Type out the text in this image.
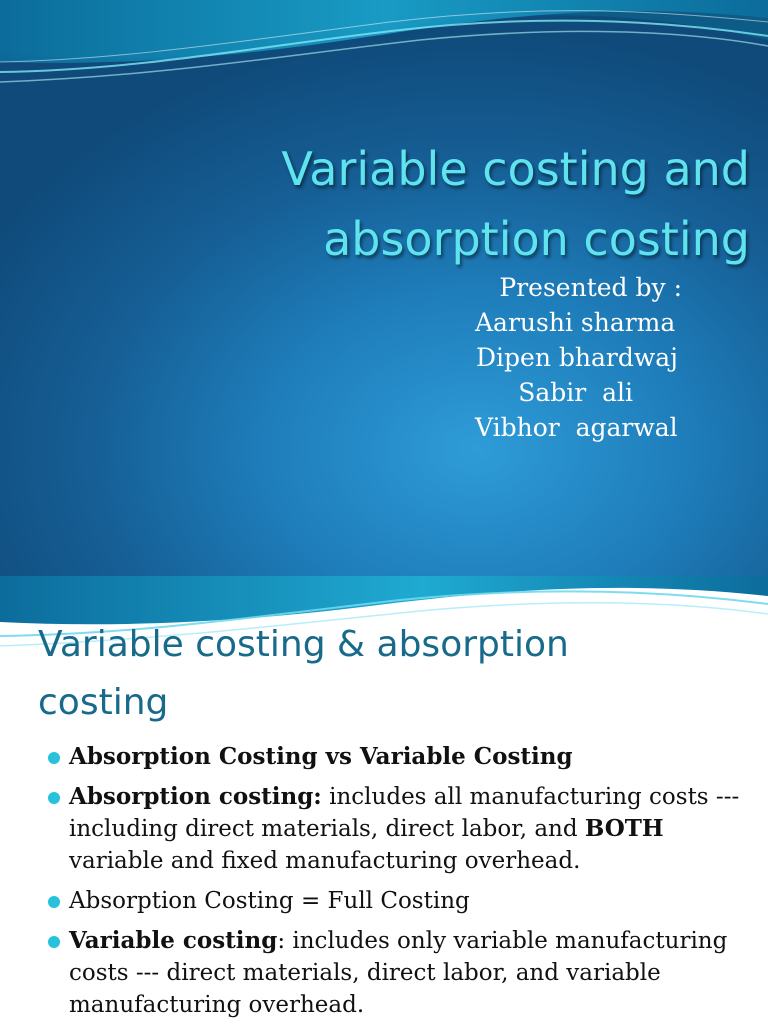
Variable costing and
absorption costing
Presented by :
Aarushi sharma
Dipen bhardwaj
Sabir  ali
Vibhor  agarwal
Variable costing & absorption
costing
Absorption Costing vs Variable Costing
Absorption costing: includes all manufacturing costs --- including direct materials, direct labor, and BOTH variable and fixed manufacturing overhead.
Absorption Costing = Full Costing
Variable costing: includes only variable manufacturing costs --- direct materials, direct labor, and variable manufacturing overhead.
